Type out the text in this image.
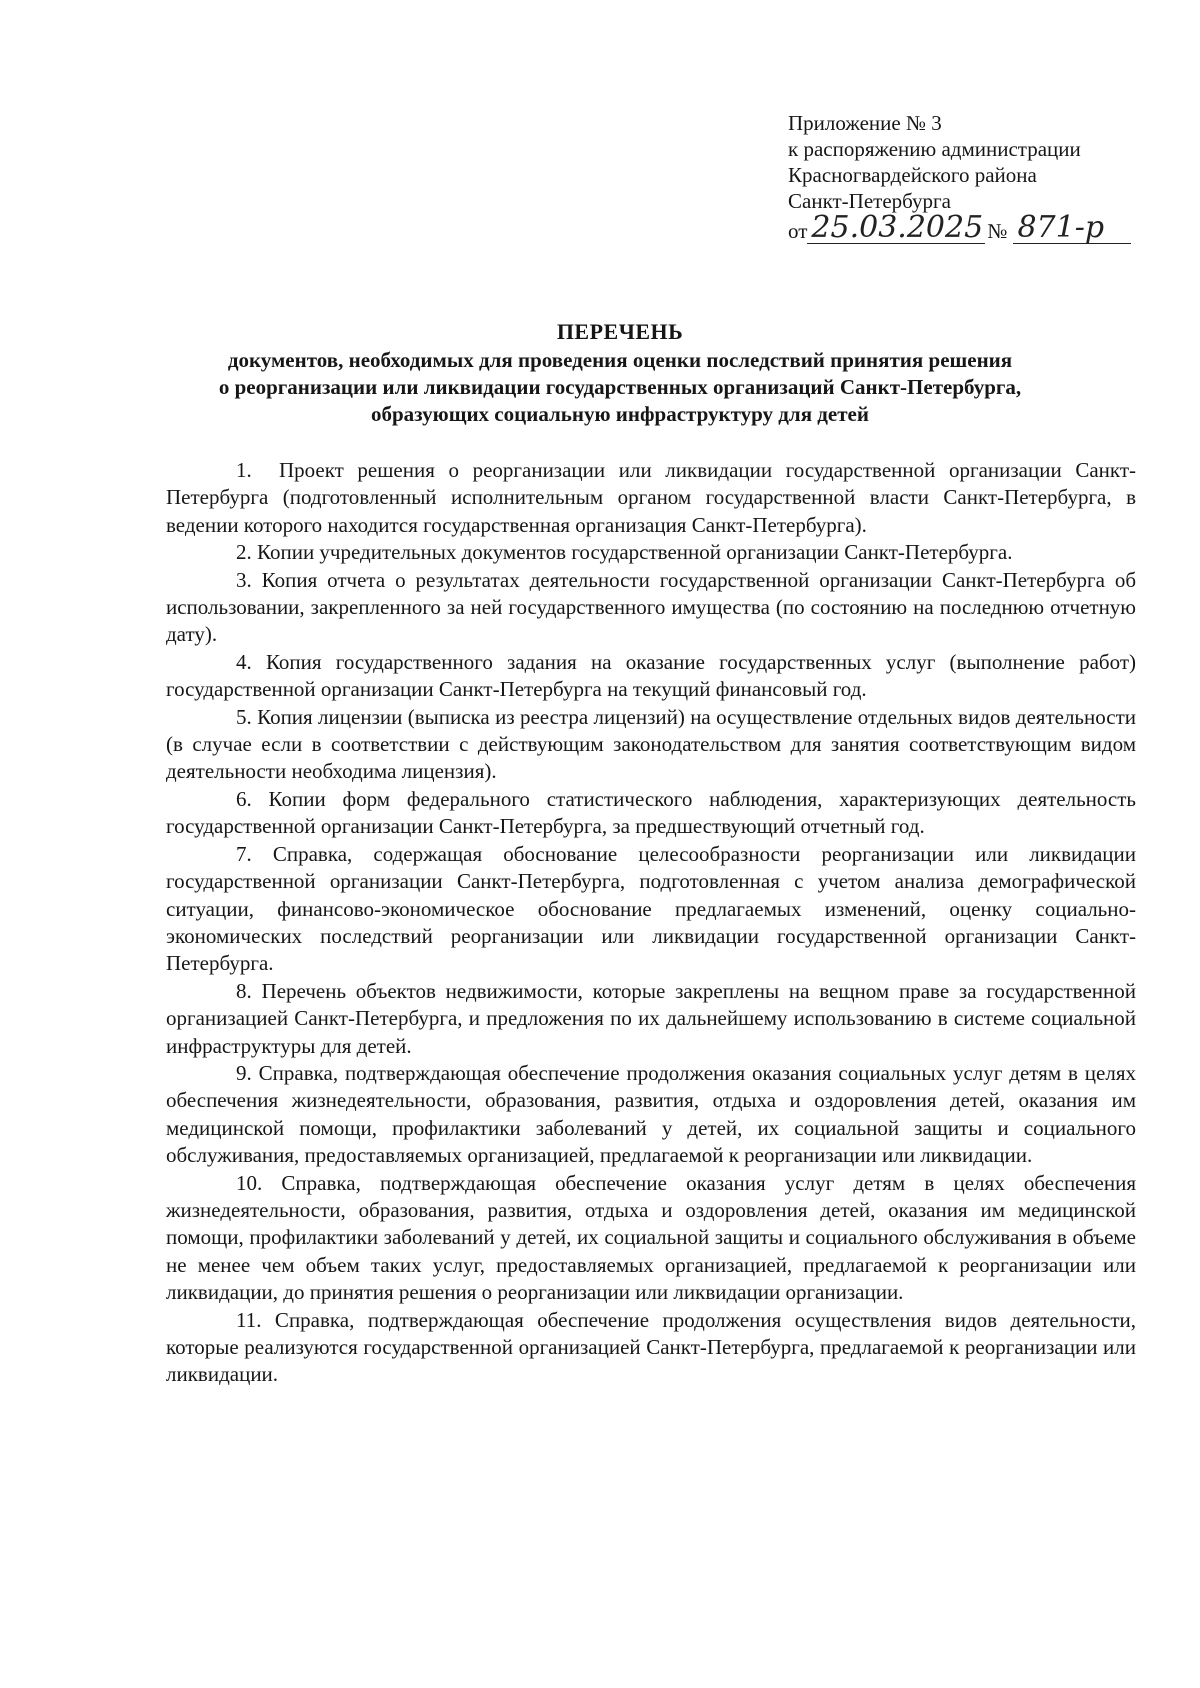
Приложение № 3
к распоряжению администрации
Красногвардейского района
Санкт-Петербурга
от 25.03.2025 № 871-р
ПЕРЕЧЕНЬ
документов, необходимых для проведения оценки последствий принятия решения
о реорганизации или ликвидации государственных организаций Санкт-Петербурга,
образующих социальную инфраструктуру для детей

1.  Проект решения о реорганизации или ликвидации государственной организации Санкт-Петербурга (подготовленный исполнительным органом государственной власти Санкт-Петербурга, в ведении которого находится государственная организация Санкт-Петербурга).

2. Копии учредительных документов государственной организации Санкт-Петербурга.

3. Копия отчета о результатах деятельности государственной организации Санкт-Петербурга об использовании, закрепленного за ней государственного имущества (по состоянию на последнюю отчетную дату).

4. Копия государственного задания на оказание государственных услуг (выполнение работ) государственной организации Санкт-Петербурга на текущий финансовый год.

5. Копия лицензии (выписка из реестра лицензий) на осуществление отдельных видов деятельности (в случае если в соответствии с действующим законодательством для занятия соответствующим видом деятельности необходима лицензия).

6. Копии форм федерального статистического наблюдения, характеризующих деятельность государственной организации Санкт-Петербурга, за предшествующий отчетный год.

7. Справка, содержащая обоснование целесообразности реорганизации или ликвидации государственной организации Санкт-Петербурга, подготовленная с учетом анализа демографической ситуации, финансово-экономическое обоснование предлагаемых изменений, оценку социально-экономических последствий реорганизации или ликвидации государственной организации Санкт-Петербурга.

8. Перечень объектов недвижимости, которые закреплены на вещном праве за государственной организацией Санкт-Петербурга, и предложения по их дальнейшему использованию в системе социальной инфраструктуры для детей.

9. Справка, подтверждающая обеспечение продолжения оказания социальных услуг детям в целях обеспечения жизнедеятельности, образования, развития, отдыха и оздоровления детей, оказания им медицинской помощи, профилактики заболеваний у детей, их социальной защиты и социального обслуживания, предоставляемых организацией, предлагаемой к реорганизации или ликвидации.

10. Справка, подтверждающая обеспечение оказания услуг детям в целях обеспечения жизнедеятельности, образования, развития, отдыха и оздоровления детей, оказания им медицинской помощи, профилактики заболеваний у детей, их социальной защиты и социального обслуживания в объеме не менее чем объем таких услуг, предоставляемых организацией, предлагаемой к реорганизации или ликвидации, до принятия решения о реорганизации или ликвидации организации.

11. Справка, подтверждающая обеспечение продолжения осуществления видов деятельности, которые реализуются государственной организацией Санкт-Петербурга, предлагаемой к реорганизации или ликвидации.
